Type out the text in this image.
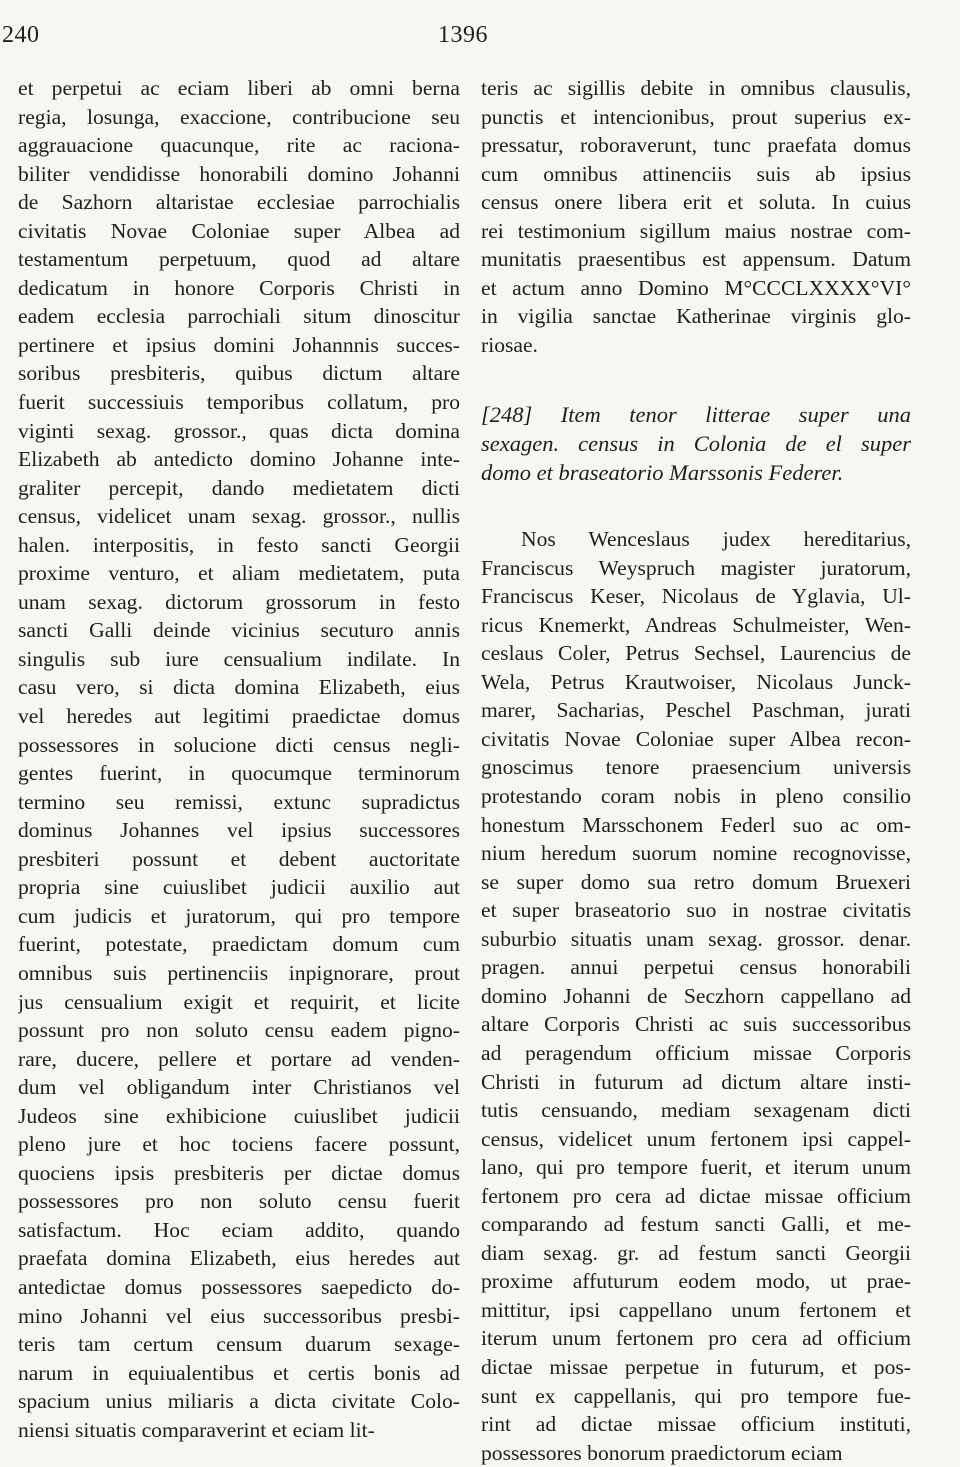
240	1396
et perpetui ac eciam liberi ab omni berna
regia, losunga, exaccione, contribucione seu
aggrauacione quacunque, rite ac raciona-
biliter vendidisse honorabili domino Johanni
de Sazhorn altaristae ecclesiae parrochialis
civitatis Novae Coloniae super Albea ad
testamentum perpetuum, quod ad altare
dedicatum in honore Corporis Christi in
eadem ecclesia parrochiali situm dinoscitur
pertinere et ipsius domini Johannnis succes-
soribus presbiteris, quibus dictum altare
fuerit successiuis temporibus collatum, pro
viginti sexag. grossor., quas dicta domina
Elizabeth ab antedicto domino Johanne inte-
graliter percepit, dando medietatem dicti
census, videlicet unam sexag. grossor., nullis
halen. interpositis, in festo sancti Georgii
proxime venturo, et aliam medietatem, puta
unam sexag. dictorum grossorum in festo
sancti Galli deinde vicinius secuturo annis
singulis sub iure censualium indilate. In
casu vero, si dicta domina Elizabeth, eius
vel heredes aut legitimi praedictae domus
possessores in solucione dicti census negli-
gentes fuerint, in quocumque terminorum
termino seu remissi, extunc supradictus
dominus Johannes vel ipsius successores
presbiteri possunt et debent auctoritate
propria sine cuiuslibet judicii auxilio aut
cum judicis et juratorum, qui pro tempore
fuerint, potestate, praedictam domum cum
omnibus suis pertinenciis inpignorare, prout
jus censualium exigit et requirit, et licite
possunt pro non soluto censu eadem pigno-
rare, ducere, pellere et portare ad venden-
dum vel obligandum inter Christianos vel
Judeos sine exhibicione cuiuslibet judicii
pleno jure et hoc tociens facere possunt,
quociens ipsis presbiteris per dictae domus
possessores pro non soluto censu fuerit
satisfactum. Hoc eciam addito, quando
praefata domina Elizabeth, eius heredes aut
antedictae domus possessores saepedicto do-
mino Johanni vel eius successoribus presbi-
teris tam certum censum duarum sexage-
narum in equiualentibus et certis bonis ad
spacium unius miliaris a dicta civitate Colo-
niensi situatis comparaverint et eciam lit-
teris ac sigillis debite in omnibus clausulis,
punctis et intencionibus, prout superius ex-
pressatur, roboraverunt, tunc praefata domus
cum omnibus attinenciis suis ab ipsius
census onere libera erit et soluta. In cuius
rei testimonium sigillum maius nostrae com-
munitatis praesentibus est appensum. Datum
et actum anno Domino M°CCCLXXXX°VI°
in vigilia sanctae Katherinae virginis glo-
riosae.
[248] Item tenor litterae super una
sexagen. census in Colonia de el super
domo et braseatorio Marssonis Federer.
Nos Wenceslaus judex hereditarius,
Franciscus Weyspruch magister juratorum,
Franciscus Keser, Nicolaus de Yglavia, Ul-
ricus Knemerkt, Andreas Schulmeister, Wen-
ceslaus Coler, Petrus Sechsel, Laurencius de
Wela, Petrus Krautwoiser, Nicolaus Junck-
marer, Sacharias, Peschel Paschman, jurati
civitatis Novae Coloniae super Albea recon-
gnoscimus tenore praesencium universis
protestando coram nobis in pleno consilio
honestum Marsschonem Federl suo ac om-
nium heredum suorum nomine recognovisse,
se super domo sua retro domum Bruexeri
et super braseatorio suo in nostrae civitatis
suburbio situatis unam sexag. grossor. denar.
pragen. annui perpetui census honorabili
domino Johanni de Seczhorn cappellano ad
altare Corporis Christi ac suis successoribus
ad peragendum officium missae Corporis
Christi in futurum ad dictum altare insti-
tutis censuando, mediam sexagenam dicti
census, videlicet unum fertonem ipsi cappel-
lano, qui pro tempore fuerit, et iterum unum
fertonem pro cera ad dictae missae officium
comparando ad festum sancti Galli, et me-
diam sexag. gr. ad festum sancti Georgii
proxime affuturum eodem modo, ut prae-
mittitur, ipsi cappellano unum fertonem et
iterum unum fertonem pro cera ad officium
dictae missae perpetue in futurum, et pos-
sunt ex cappellanis, qui pro tempore fue-
rint ad dictae missae officium instituti,
possessores bonorum praedictorum eciam
